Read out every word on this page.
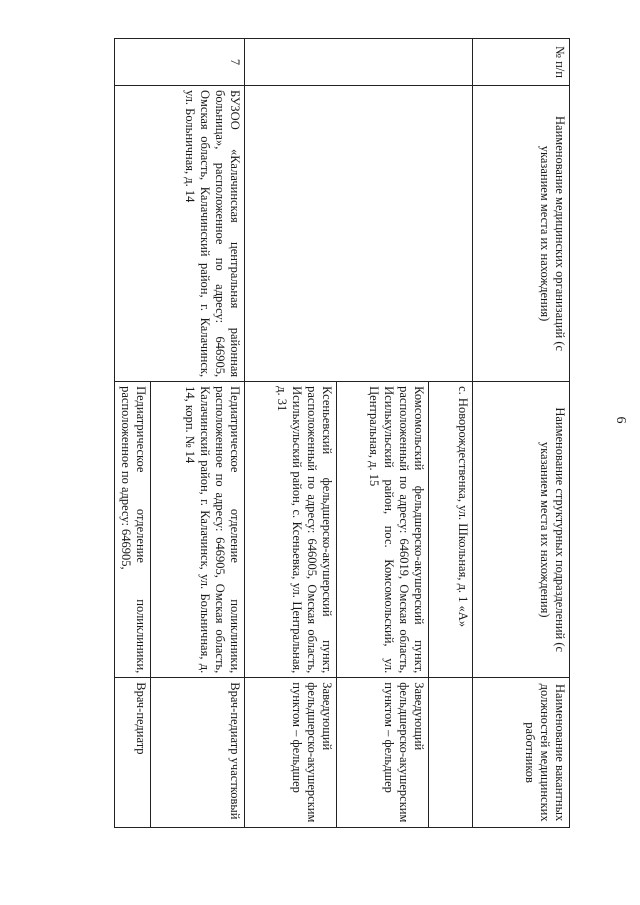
6
№ п/п	Наименование медицинских организаций (с указанием места их нахождения)	Наименование структурных подразделений (с указанием места их нахождения)	Наименование вакантных должностей медицинских работников
		с. Новорождественка, ул. Школьная, д. 1 «А»	
		Комсомольский фельдшерско-акушерский пункт, расположенный по адресу: 646019, Омская область, Исилькульский район, пос. Комсомольский, ул. Центральная, д. 15	Заведующий фельдшерско-акушерским пунктом – фельдшер
		Ксеньевский фельдшерско-акушерский пункт, расположенный по адресу: 646005, Омская область, Исилькульский район, с. Ксеньевка, ул. Центральная, д. 31	Заведующий фельдшерско-акушерским пунктом – фельдшер
7	БУЗОО «Калачинская центральная районная больница», расположенное по адресу: 646905, Омская область, Калачинский район, г. Калачинск, ул. Больничная, д. 14	Педиатрическое отделение поликлиники, расположенное по адресу: 646905, Омская область, Калачинский район, г. Калачинск, ул. Больничная, д. 14, корп. № 14	Врач-педиатр участковый
		Педиатрическое отделение поликлиники, расположенное по адресу: 646905,	Врач-педиатр
